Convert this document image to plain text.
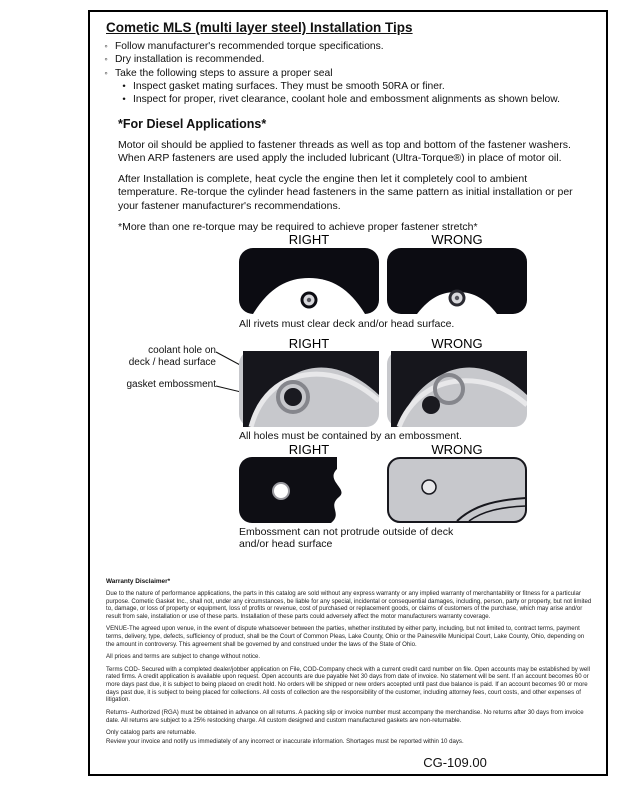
Cometic MLS (multi layer steel) Installation Tips
◦ Follow manufacturer's recommended torque specifications.
◦ Dry installation is recommended.
◦ Take the following steps to assure a proper seal
• Inspect gasket mating surfaces. They must be smooth 50RA or finer.
• Inspect for proper, rivet clearance, coolant hole and embossment alignments as shown below.
*For Diesel Applications*

Motor oil should be applied to fastener threads as well as top and bottom of the fastener washers. When ARP fasteners are used apply the included lubricant (Ultra-Torque®) in place of motor oil.

After Installation is complete, heat cycle the engine then let it completely cool to ambient temperature. Re-torque the cylinder head fasteners in the same pattern as initial installation or per your fastener manufacturer's recommendations.

*More than one re-torque may be required to achieve proper fastener stretch*

RIGHT	WRONG
All rivets must clear deck and/or head surface.
RIGHT	WRONG
coolant hole on
deck / head surface
gasket embossment
All holes must be contained by an embossment.
RIGHT	WRONG
Embossment can not protrude outside of deck
and/or head surface
Warranty Disclaimer*

Due to the nature of performance applications, the parts in this catalog are sold without any express warranty or any implied warranty of merchantability or fitness for a particular purpose. Cometic Gasket Inc., shall not, under any circumstances, be liable for any special, incidental or consequential damages, including, person, party or property, but not limited to, damage, or loss of property or equipment, loss of profits or revenue, cost of purchased or replacement goods, or claims of customers of the purchase, which may arise and/or result from sale, installation or use of these parts. Installation of these parts could adversely affect the motor manufacturers warranty coverage.

VENUE-The agreed upon venue, in the event of dispute whatsoever between the parties, whether instituted by either party, including, but not limited to, contract terms, payment terms, delivery, type, defects, sufficiency of product, shall be the Court of Common Pleas, Lake County, Ohio or the Painesville Municipal Court, Lake County, Ohio, depending on the amount in controversy. This agreement shall be governed by and construed under the laws of the State of Ohio.

All prices and terms are subject to change without notice.

Terms COD- Secured with a completed dealer/jobber application on File, COD-Company check with a current credit card number on file. Open accounts may be established by well rated firms. A credit application is available upon request. Open accounts are due payable Net 30 days from date of invoice. No statement will be sent. If an account becomes 60 or more days past due, it is subject to being placed on credit hold. No orders will be shipped or new orders accepted until past due balance is paid. If an account becomes 90 or more days past due, it is subject to being placed for collections. All costs of collection are the responsibility of the customer, including attorney fees, court costs, and other expenses of litigation.

Returns- Authorized (RGA) must be obtained in advance on all returns. A packing slip or invoice number must accompany the merchandise. No returns after 30 days from invoice date. All returns are subject to a 25% restocking charge. All custom designed and custom manufactured gaskets are non-returnable.

Only catalog parts are returnable.

Review your invoice and notify us immediately of any incorrect or inaccurate information. Shortages must be reported within 10 days.

CG-109.00
